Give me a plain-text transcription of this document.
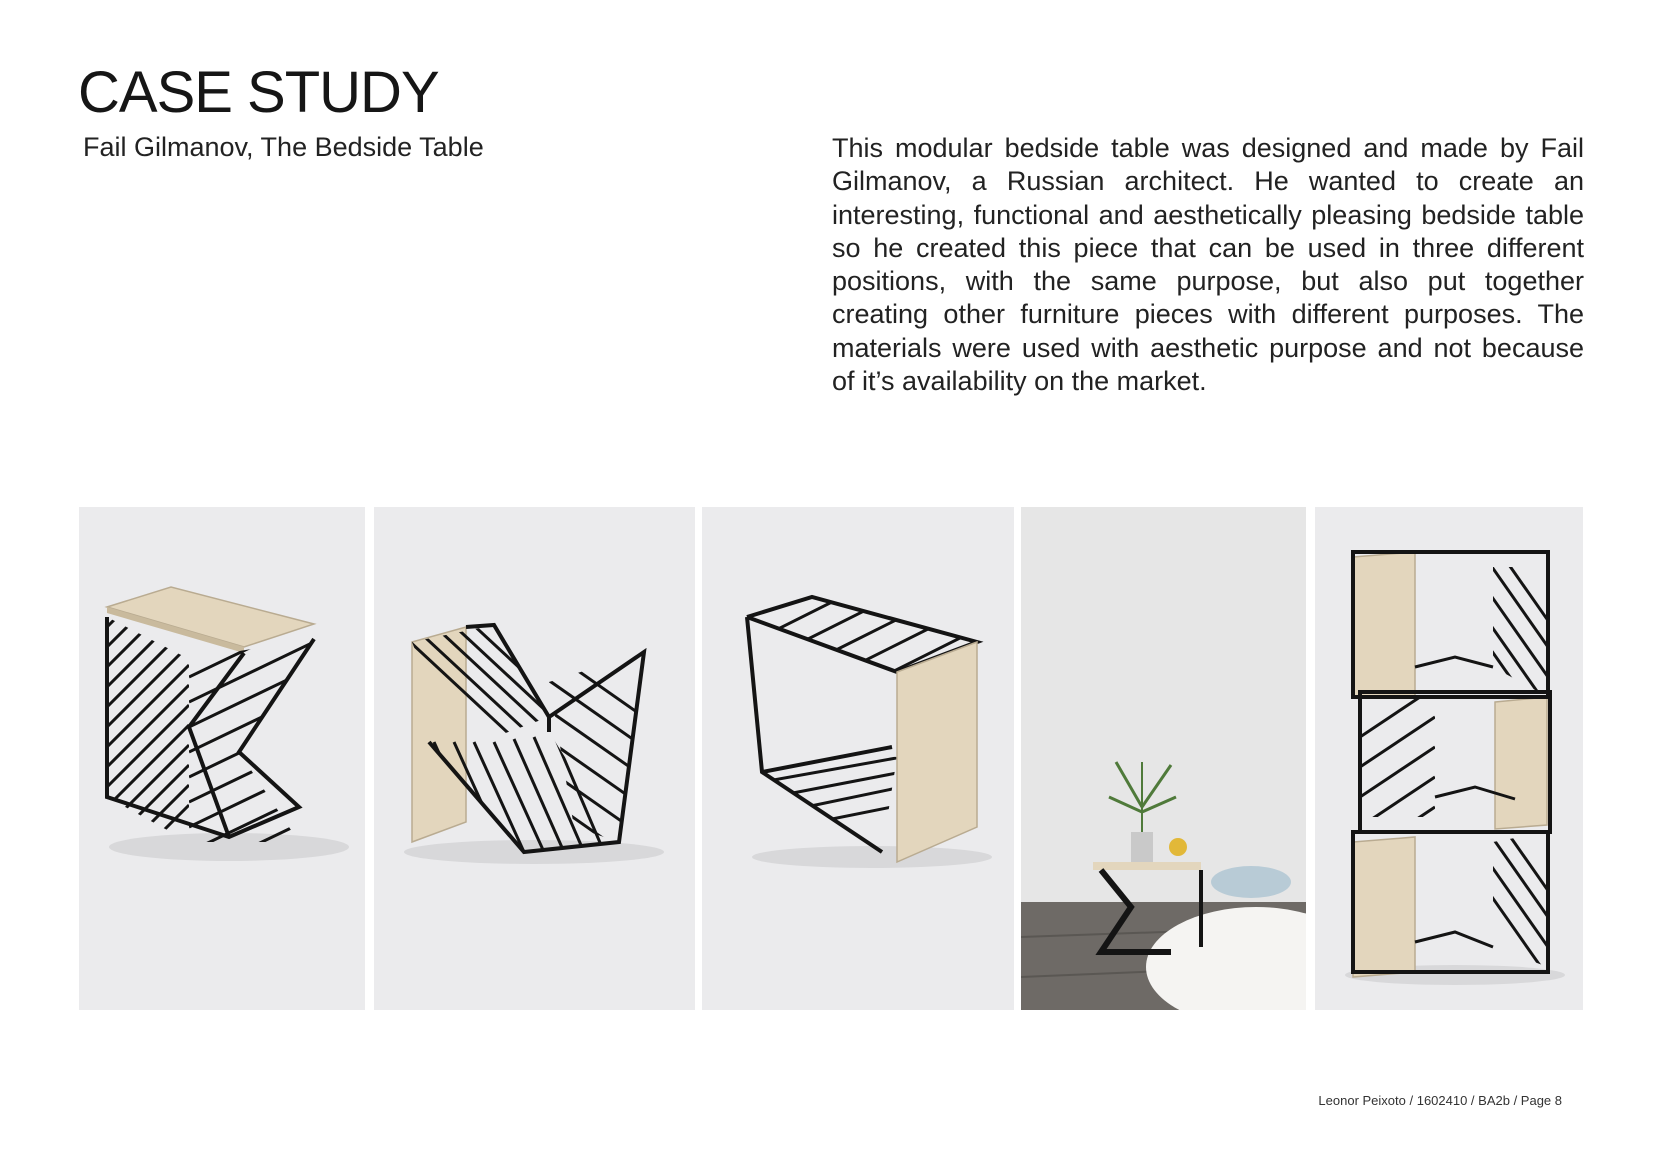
CASE STUDY
Fail Gilmanov, The Bedside Table	This modular bedside table was designed and made by Fail Gilmanov, a Russian architect. He wanted to create an interesting, functional and aesthetically pleasing bedside table so he created this piece that can be used in three different positions, with the same purpose, but also put together creating other furniture pieces with different purposes. The materials were used with aesthetic purpose and not because of it’s availability on the market.

Leonor Peixoto / 1602410 / BA2b / Page 8
